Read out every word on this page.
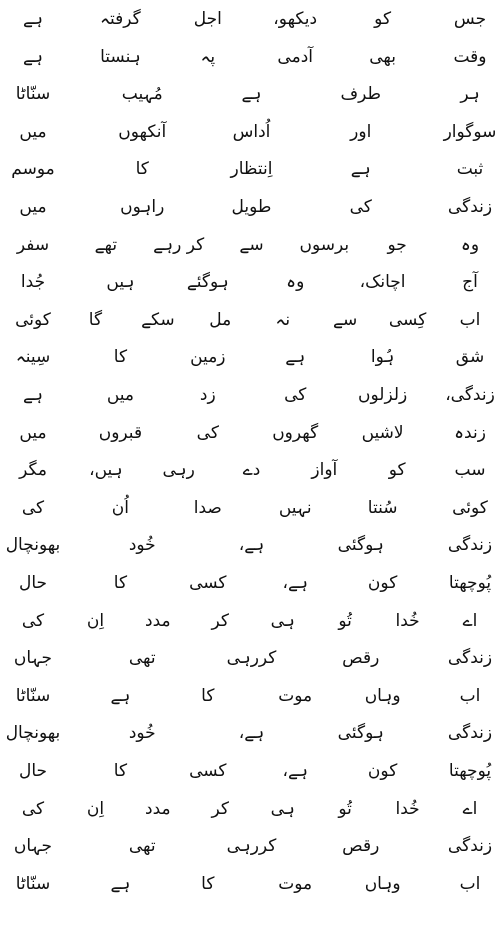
جس
کو
دیکھو،
اجل
گرفتہ
ہے
وقت
بھی
آدمی
پہ
ہنستا
ہے
ہر
طرف
ہے
مُہیب
سنّاٹا
سوگوار
اور
اُداس
آنکھوں
میں
ثبت
ہے
اِنتظار
کا
موسم
زندگی
کی
طویل
راہوں
میں
وہ
جو
برسوں
سے
کر رہے
تھے
سفر
آج
اچانک،
وہ
ہوگئے
ہیں
جُدا
اب
کِسی
سے
نہ
مل
سکے
گا
کوئی
شق
ہُوا
ہے
زمین
کا
سِینہ
زندگی،
زلزلوں
کی
زد
میں
ہے
زندہ
لاشیں
گھروں
کی
قبروں
میں
سب
کو
آواز
دے
رہی
ہیں،
مگر
کوئی
سُنتا
نہیں
صدا
اُن
کی
زندگی
ہوگئی
ہے،
خُود
بھونچال
پُوچھتا
کون
ہے،
کسی
کا
حال
اے
خُدا
تُو
ہی
کر
مدد
اِن
کی
زندگی
رقص
کررہی
تھی
جہاں
اب
وہاں
موت
کا
ہے
سنّاٹا
زندگی
ہوگئی
ہے،
خُود
بھونچال
پُوچھتا
کون
ہے،
کسی
کا
حال
اے
خُدا
تُو
ہی
کر
مدد
اِن
کی
زندگی
رقص
کررہی
تھی
جہاں
اب
وہاں
موت
کا
ہے
سنّاٹا
